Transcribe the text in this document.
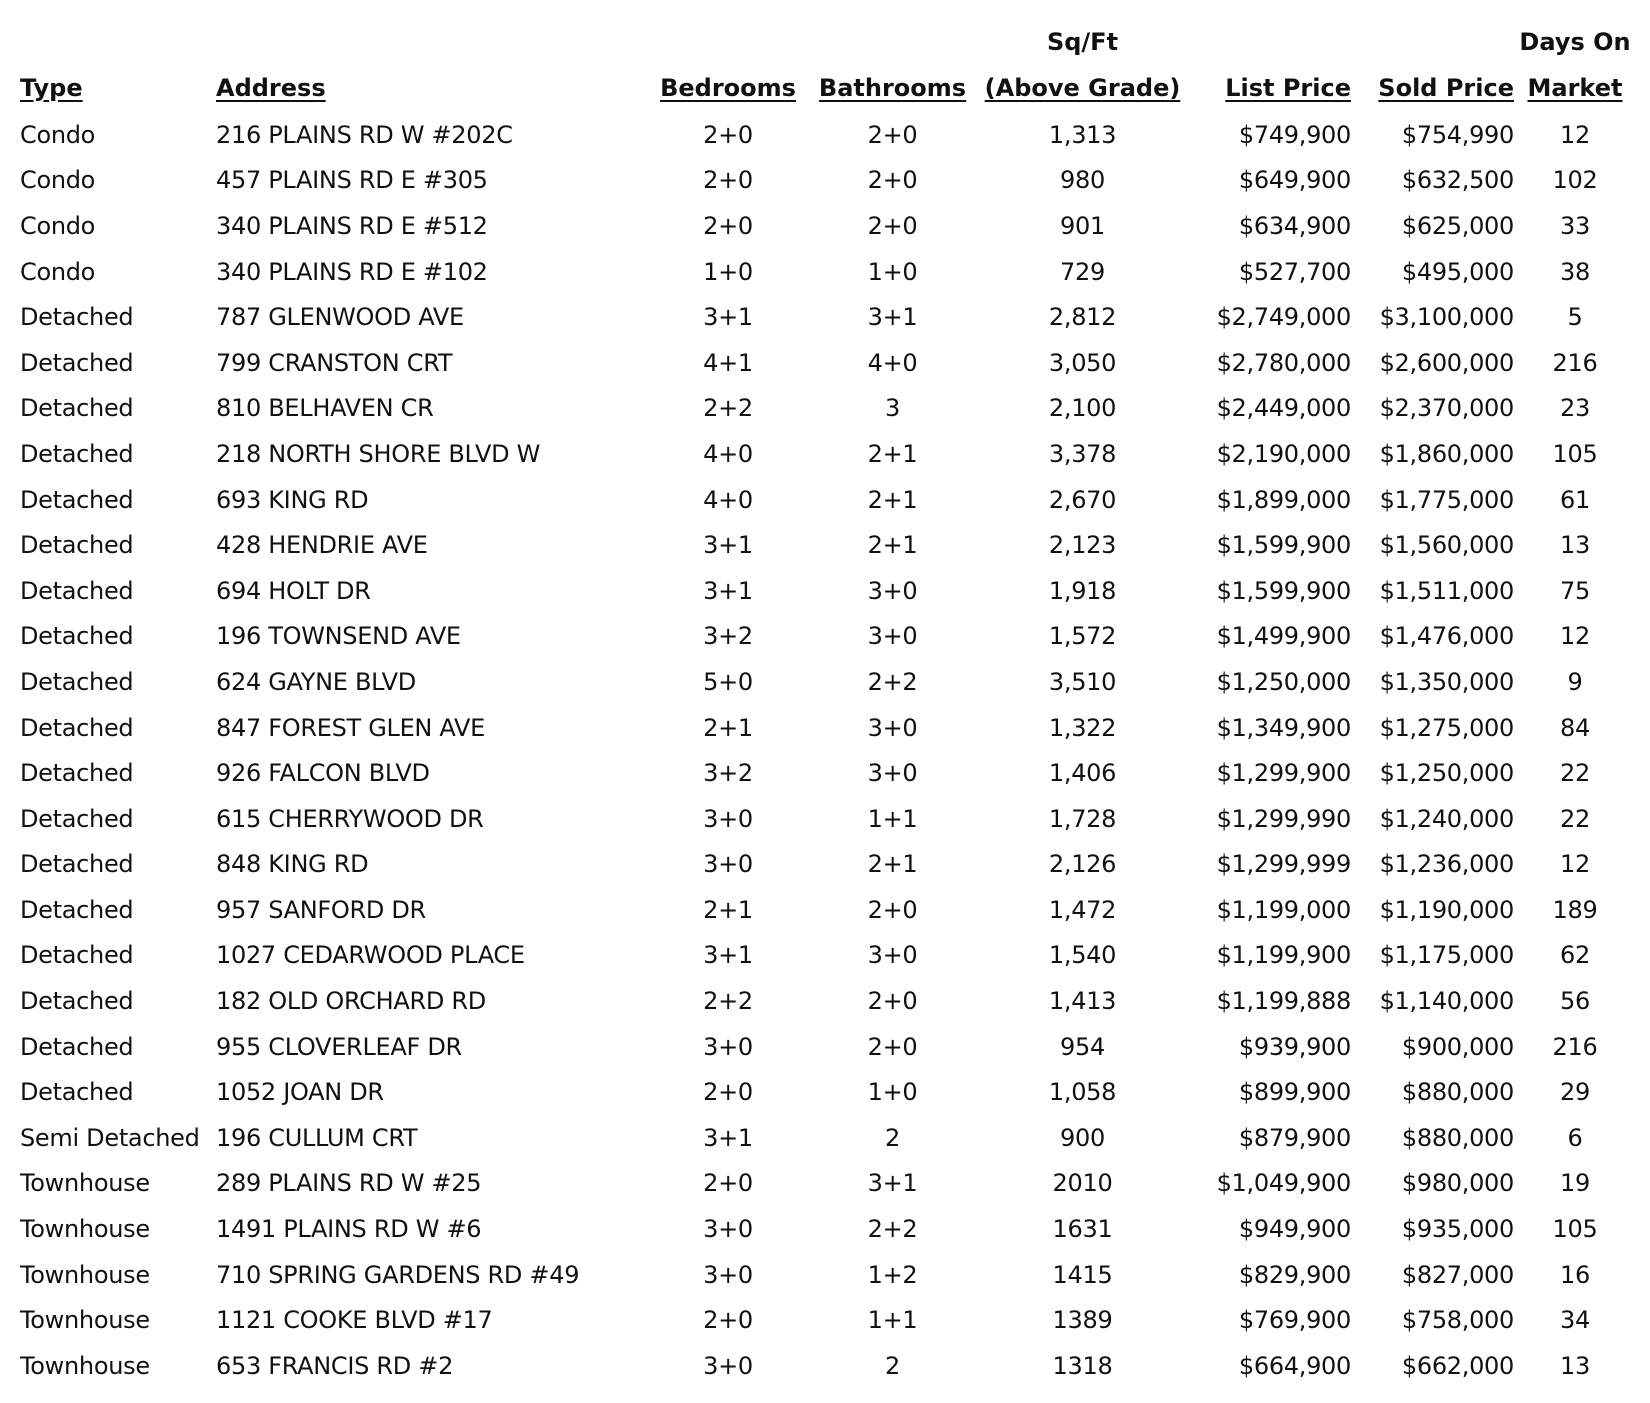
				Sq/Ft			Days On
Type	Address	Bedrooms	Bathrooms	(Above Grade)	List Price	Sold Price	Market

Condo	216 PLAINS RD W #202C	2+0	2+0	1,313	$749,900	$754,990	12
Condo	457 PLAINS RD E #305	2+0	2+0	980	$649,900	$632,500	102
Condo	340 PLAINS RD E #512	2+0	2+0	901	$634,900	$625,000	33
Condo	340 PLAINS RD E #102	1+0	1+0	729	$527,700	$495,000	38
Detached	787 GLENWOOD AVE	3+1	3+1	2,812	$2,749,000	$3,100,000	5
Detached	799 CRANSTON CRT	4+1	4+0	3,050	$2,780,000	$2,600,000	216
Detached	810 BELHAVEN CR	2+2	3	2,100	$2,449,000	$2,370,000	23
Detached	218 NORTH SHORE BLVD W	4+0	2+1	3,378	$2,190,000	$1,860,000	105
Detached	693 KING RD	4+0	2+1	2,670	$1,899,000	$1,775,000	61
Detached	428 HENDRIE AVE	3+1	2+1	2,123	$1,599,900	$1,560,000	13
Detached	694 HOLT DR	3+1	3+0	1,918	$1,599,900	$1,511,000	75
Detached	196 TOWNSEND AVE	3+2	3+0	1,572	$1,499,900	$1,476,000	12
Detached	624 GAYNE BLVD	5+0	2+2	3,510	$1,250,000	$1,350,000	9
Detached	847 FOREST GLEN AVE	2+1	3+0	1,322	$1,349,900	$1,275,000	84
Detached	926 FALCON BLVD	3+2	3+0	1,406	$1,299,900	$1,250,000	22
Detached	615 CHERRYWOOD DR	3+0	1+1	1,728	$1,299,990	$1,240,000	22
Detached	848 KING RD	3+0	2+1	2,126	$1,299,999	$1,236,000	12
Detached	957 SANFORD DR	2+1	2+0	1,472	$1,199,000	$1,190,000	189
Detached	1027 CEDARWOOD PLACE	3+1	3+0	1,540	$1,199,900	$1,175,000	62
Detached	182 OLD ORCHARD RD	2+2	2+0	1,413	$1,199,888	$1,140,000	56
Detached	955 CLOVERLEAF DR	3+0	2+0	954	$939,900	$900,000	216
Detached	1052 JOAN DR	2+0	1+0	1,058	$899,900	$880,000	29
Semi Detached	196 CULLUM CRT	3+1	2	900	$879,900	$880,000	6
Townhouse	289 PLAINS RD W #25	2+0	3+1	2010	$1,049,900	$980,000	19
Townhouse	1491 PLAINS RD W #6	3+0	2+2	1631	$949,900	$935,000	105
Townhouse	710 SPRING GARDENS RD #49	3+0	1+2	1415	$829,900	$827,000	16
Townhouse	1121 COOKE BLVD #17	2+0	1+1	1389	$769,900	$758,000	34
Townhouse	653 FRANCIS RD #2	3+0	2	1318	$664,900	$662,000	13
